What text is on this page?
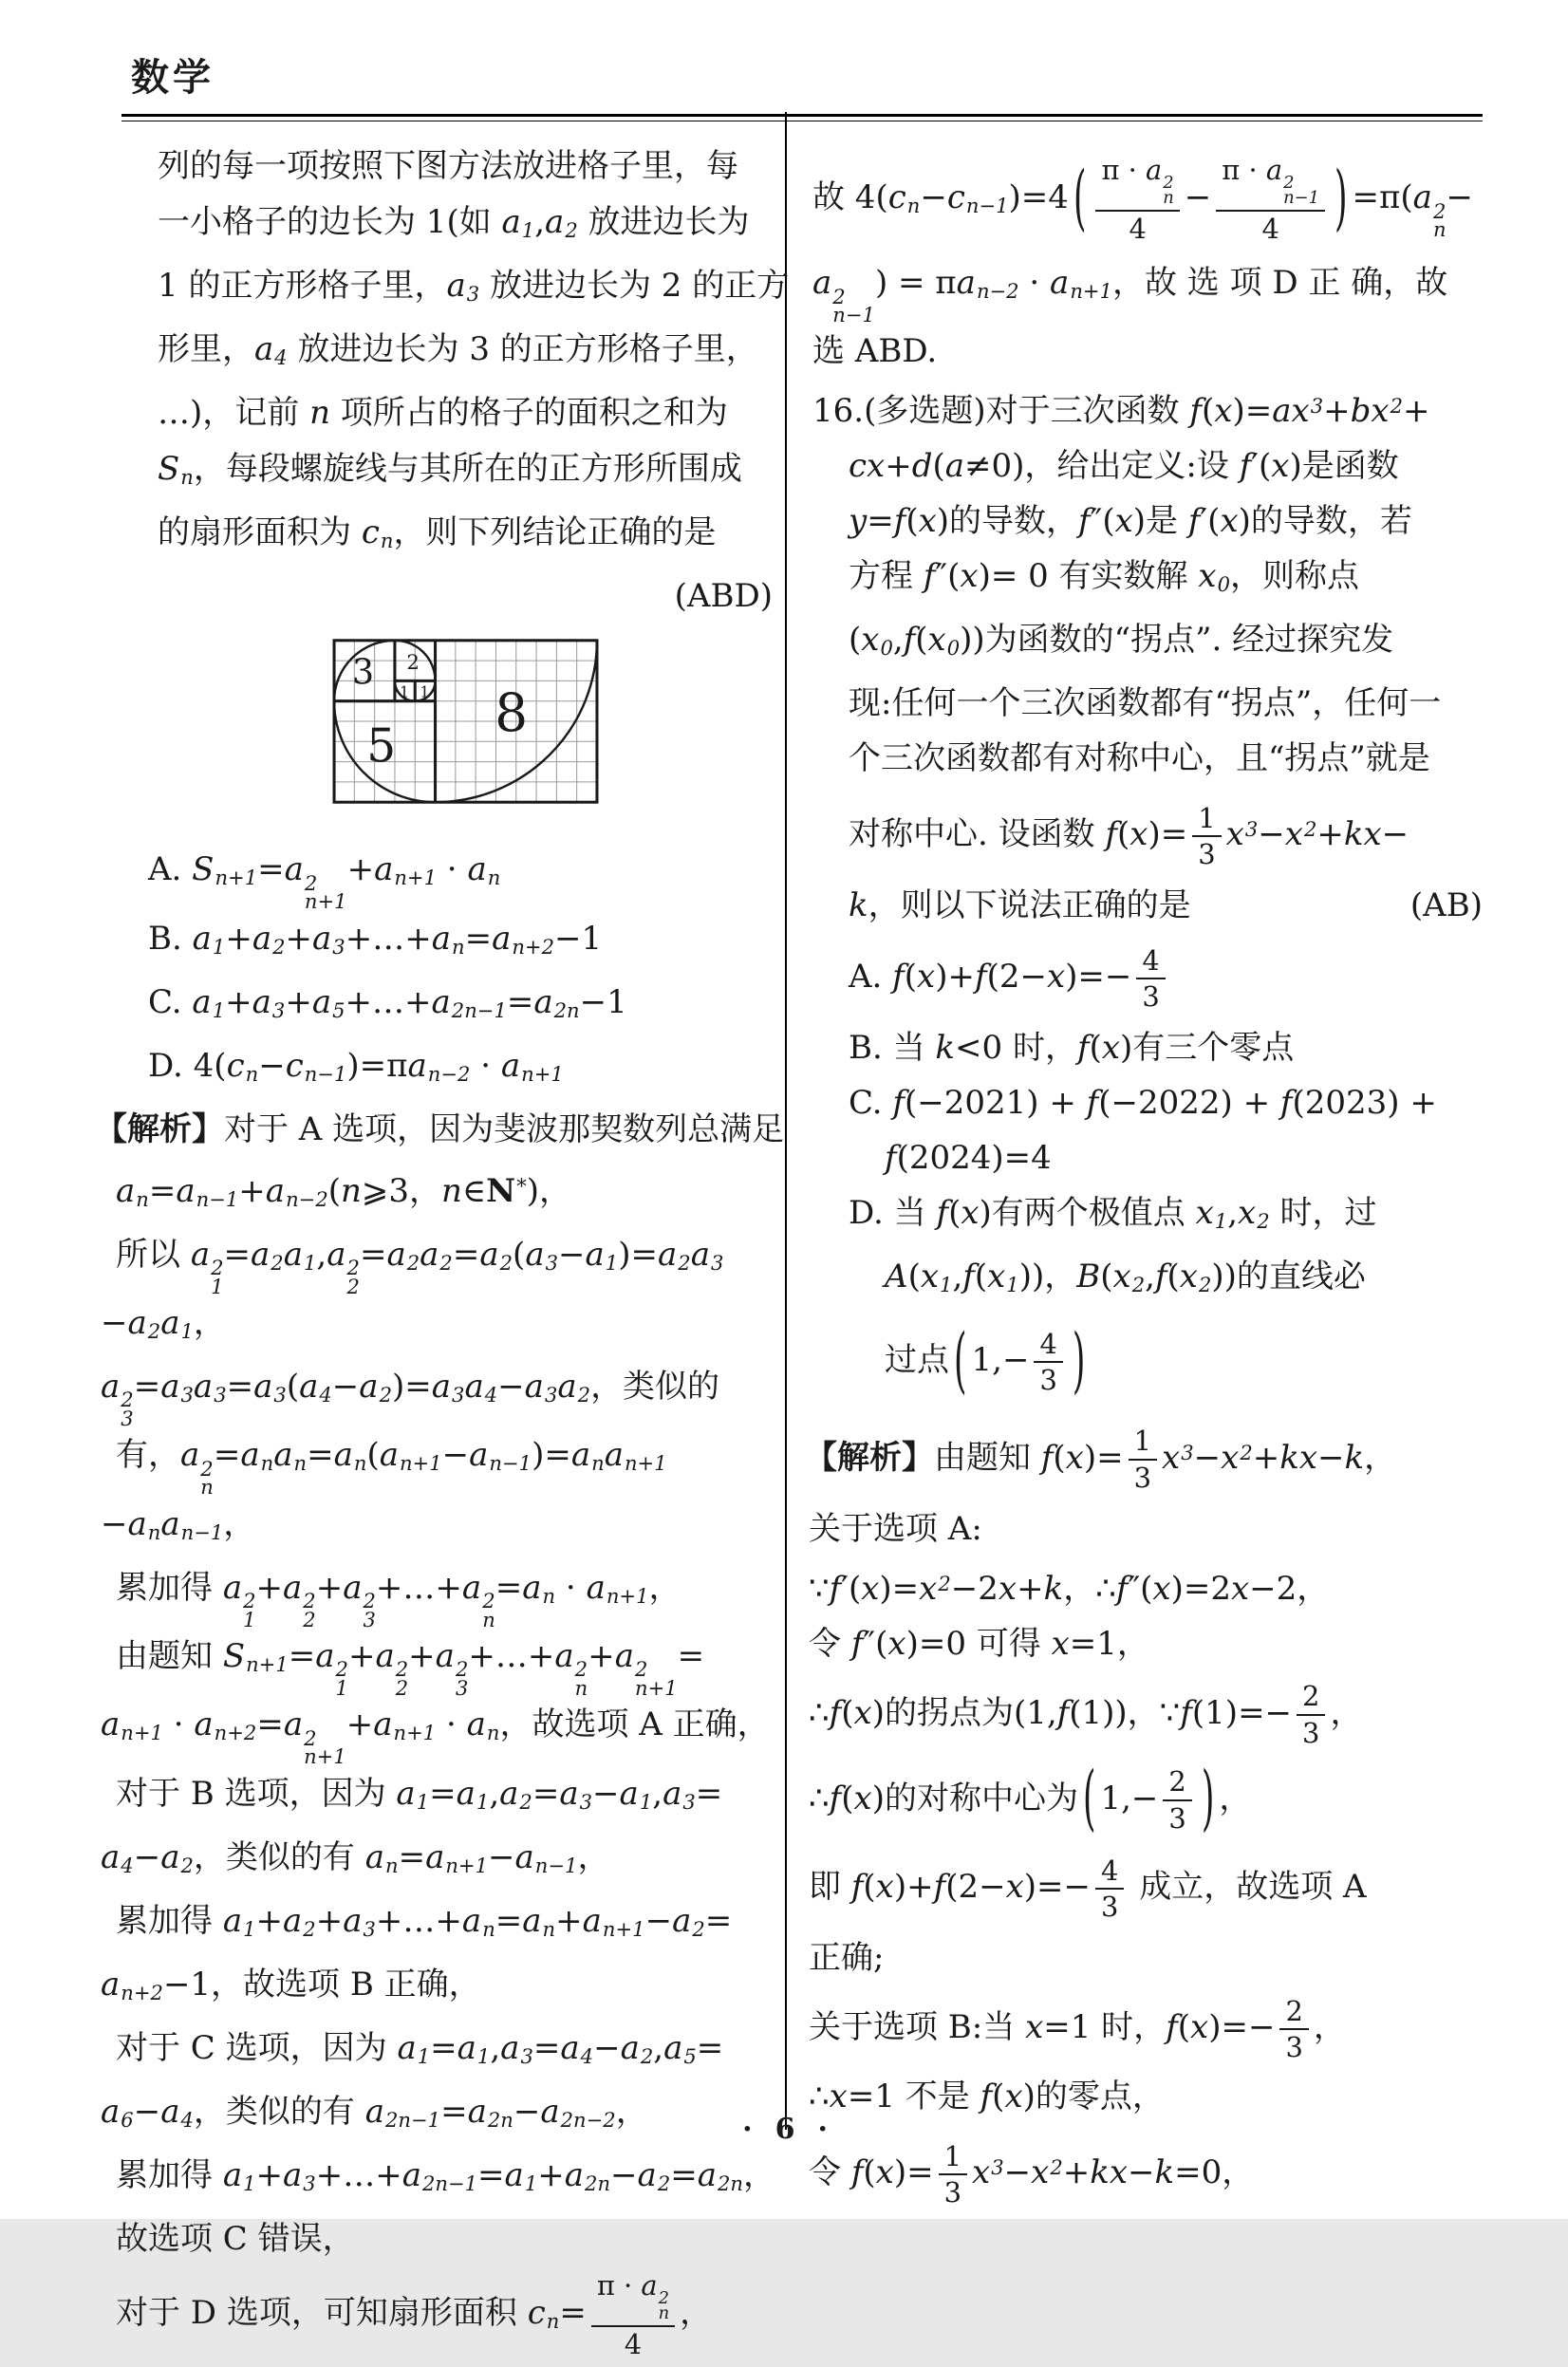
数学
列的每一项按照下图方法放进格子里，每
一小格子的边长为 1(如 a1,a2 放进边长为
1 的正方形格子里，a3 放进边长为 2 的正方
形里，a4 放进边长为 3 的正方形格子里，
…)，记前 n 项所占的格子的面积之和为
Sn，每段螺旋线与其所在的正方形所围成
的扇形面积为 cn，则下列结论正确的是
(ABD)
3 2
1 1
5
8
A. Sn+1=a 2
n+1
+an+1 · an
B. a1+a2+a3+…+an=an+2−1
C. a1+a3+a5+…+a2n−1=a2n−1
D. 4(cn−cn−1)=πan−2 · an+1
【解析】对于 A 选项，因为斐波那契数列总满足
an=an−1+an−2(n⩾3，n∈N*)，
所以 a 2
1
=a2a1,a 2
2
=a2a2=a2(a3−a1)=a2a3
−a2a1，
a 2
3
=a3a3=a3(a4−a2)=a3a4−a3a2，类似的
有，a 2
n
=anan=an(an+1−an−1)=anan+1
−anan−1，
累加得 a 2
1
+a 2
2
+a 2
3
+…+a 2
n
=an · an+1，
由题知 Sn+1=a 2
1
+a 2
2
+a 2
3
+…+a 2
n
+a 2
n+1
=
an+1 · an+2=a 2
n+1
+an+1 · an，故选项 A 正确，
对于 B 选项，因为 a1=a1,a2=a3−a1,a3=
a4−a2，类似的有 an=an+1−an−1，
累加得 a1+a2+a3+…+an=an+an+1−a2=
an+2−1，故选项 B 正确，
对于 C 选项，因为 a1=a1,a3=a4−a2,a5=
a6−a4，类似的有 a2n−1=a2n−a2n−2，
累加得 a1+a3+…+a2n−1=a1+a2n−a2=a2n，
故选项 C 错误，
对于 D 选项，可知扇形面积 cn= π · a 2
n
4 ，
故 4(cn−cn−1)=4 ( π · a 2
n
4 − π · a 2
n−1
4 ) =π(a 2
n
−
a 2
n−1
) = πan−2 · an+1，故 选 项 D 正 确，故
选 ABD.
16.(多选题)对于三次函数 $f(x)=ax^3+bx^2+$
cx+d(a≠0)，给出定义:设 f′(x)是函数
y=f(x)的导数，f″(x)是 f′(x)的导数，若
方程 f″(x)= 0 有实数解 x0，则称点
(x0,f(x0))为函数的“拐点”. 经过探究发
现:任何一个三次函数都有“拐点”，任何一
个三次函数都有对称中心，且“拐点”就是
对称中心. 设函数 $f(x)= \frac{1}{3} x^3-x^2+kx-$
(AB)
k，则以下说法正确的是
A. $f(x)+f(2-x)=- \frac{4}{3}$
B. 当 k<0 时，f(x)有三个零点
C. f(−2021) + f(−2022) + f(2023) +
f(2024)=4
D. 当 f(x)有两个极值点 x1,x2 时，过
A(x1,f(x1))，B(x2,f(x2))的直线必
过点 ( $1,- \frac{4}{3}$ )
【解析】由题知 $f(x)= \frac{1}{3} x^3-x^2+kx-k$，
关于选项 A:
$\because f'(x)=x^2-2x+k$，∴f″(x)=2x−2，
令 f″(x)=0 可得 x=1，
∴f(x)的拐点为(1,f(1))，∵f(1)=− $\frac{2}{3}$ ，
∴f(x)的对称中心为 ( $1,- \frac{2}{3}$ ) ，
即 $f(x)+f(2-x)=- \frac{4}{3}$ 成立，故选项 A
正确;
关于选项 B:当 x=1 时，$f(x)=- \frac{2}{3}$ ，
∴x=1 不是 f(x)的零点，
令 $f(x)= \frac{1}{3} x^3-x^2+kx-k=0$，
· 6 ·
